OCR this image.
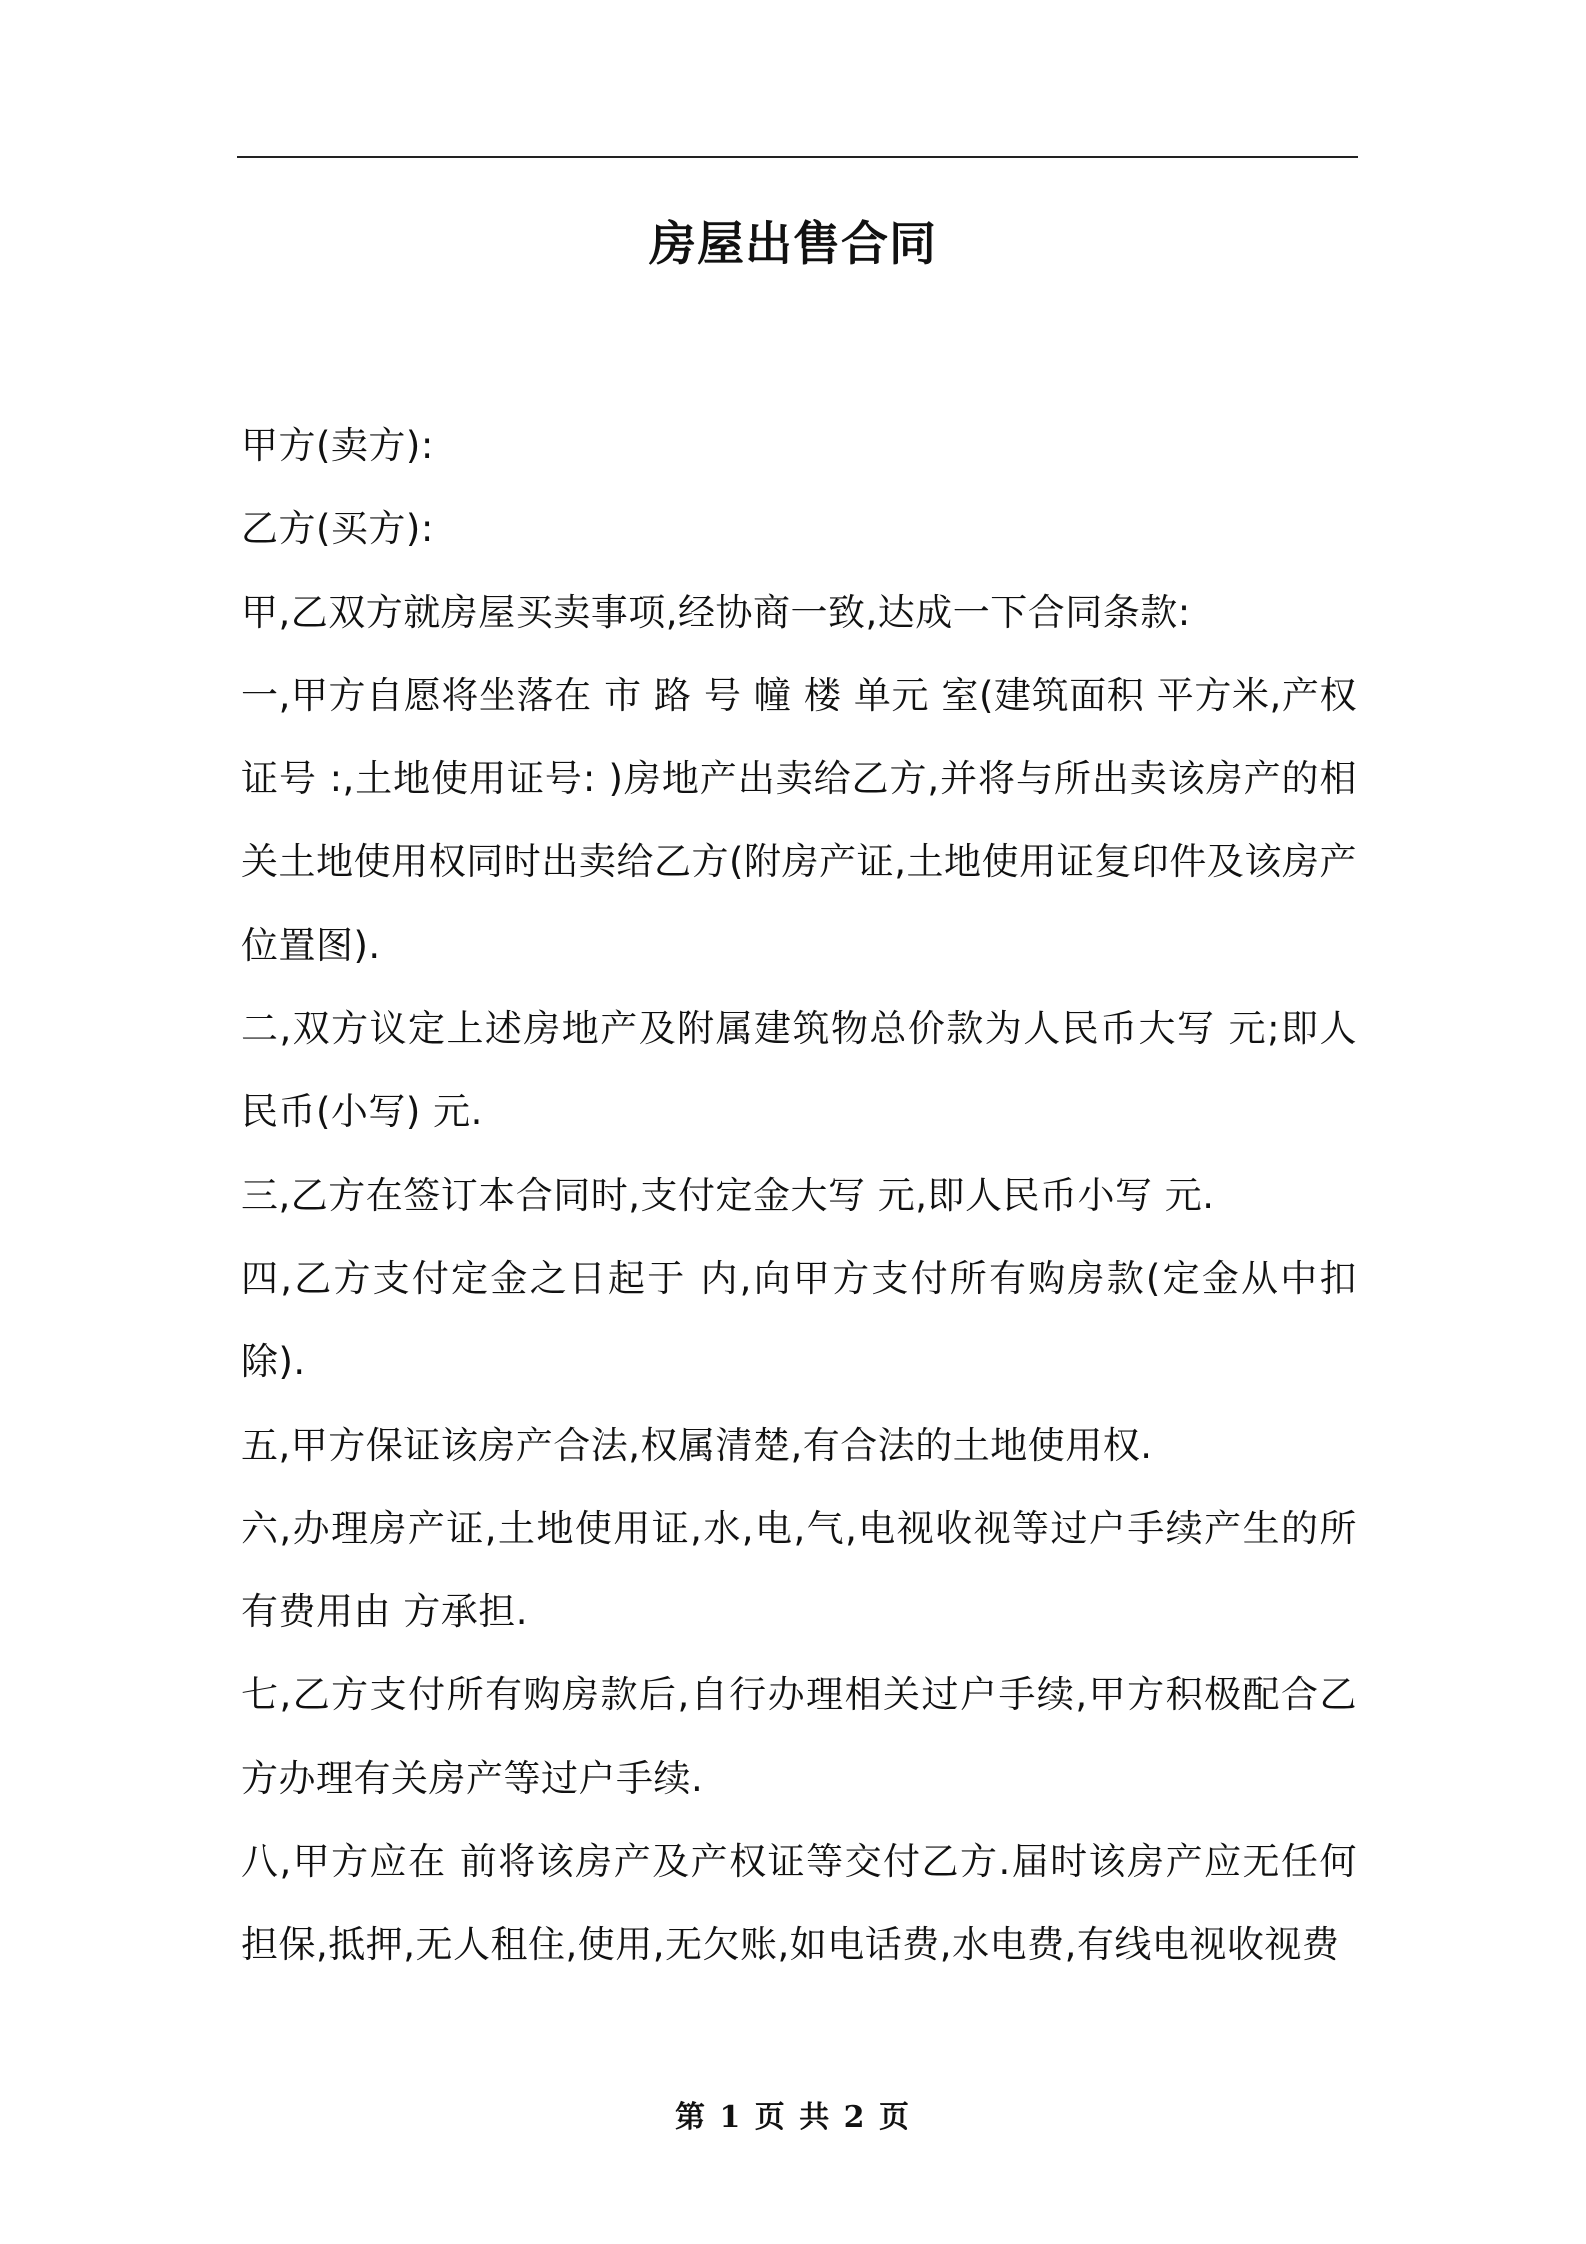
房屋出售合同

甲方(卖方):

乙方(买方):

甲,乙双方就房屋买卖事项,经协商一致,达成一下合同条款:

一,甲方自愿将坐落在 市 路 号 幢 楼 单元 室(建筑面积 平方米,产权证号 :,土地使用证号: )房地产出卖给乙方,并将与所出卖该房产的相关土地使用权同时出卖给乙方(附房产证,土地使用证复印件及该房产位置图).

二,双方议定上述房地产及附属建筑物总价款为人民币大写 元;即人民币(小写) 元.

三,乙方在签订本合同时,支付定金大写 元,即人民币小写 元.

四,乙方支付定金之日起于 内,向甲方支付所有购房款(定金从中扣除).

五,甲方保证该房产合法,权属清楚,有合法的土地使用权.

六,办理房产证,土地使用证,水,电,气,电视收视等过户手续产生的所有费用由 方承担.

七,乙方支付所有购房款后,自行办理相关过户手续,甲方积极配合乙方办理有关房产等过户手续.

八,甲方应在 前将该房产及产权证等交付乙方.届时该房产应无任何担保,抵押,无人租住,使用,无欠账,如电话费,水电费,有线电视收视费

第 1 页 共 2 页
